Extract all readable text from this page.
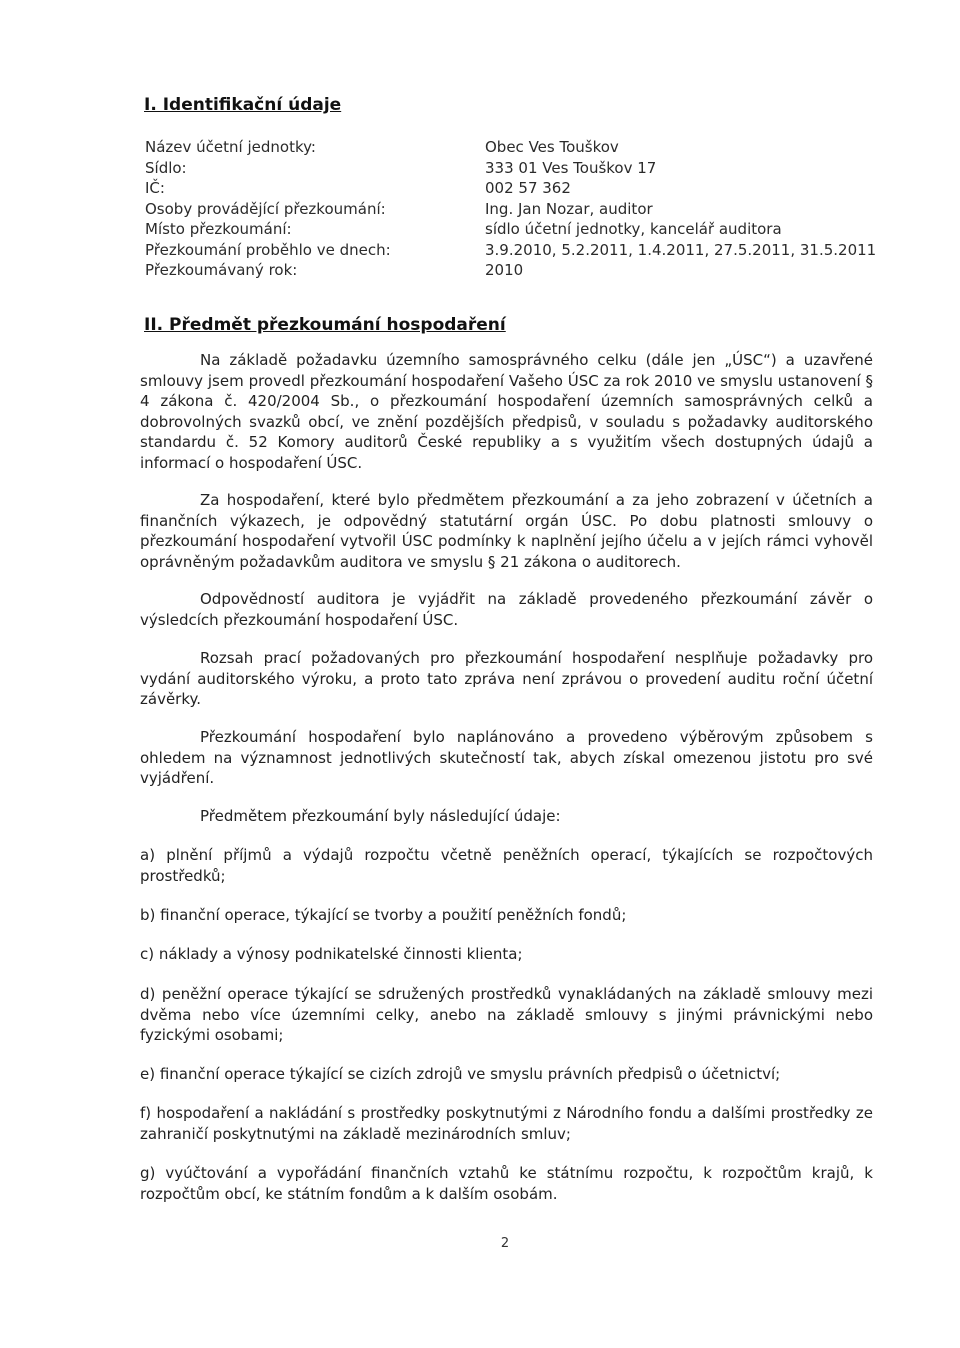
I. Identifikační údaje
Název účetní jednotky:	Obec Ves Touškov
Sídlo:	333 01 Ves Touškov 17
IČ:	002 57 362
Osoby provádějící přezkoumání:	Ing. Jan Nozar, auditor
Místo přezkoumání:	sídlo účetní jednotky, kancelář auditora
Přezkoumání proběhlo ve dnech:	3.9.2010, 5.2.2011, 1.4.2011, 27.5.2011, 31.5.2011
Přezkoumávaný rok:	2010
II. Předmět přezkoumání hospodaření

Na základě požadavku územního samosprávného celku (dále jen „ÚSC“) a uzavřené smlouvy jsem provedl přezkoumání hospodaření Vašeho ÚSC za rok 2010 ve smyslu ustanovení § 4 zákona č. 420/2004 Sb., o přezkoumání hospodaření územních samosprávných celků a dobrovolných svazků obcí, ve znění pozdějších předpisů, v souladu s požadavky auditorského standardu č. 52 Komory auditorů České republiky a s využitím všech dostupných údajů a informací o hospodaření ÚSC.

Za hospodaření, které bylo předmětem přezkoumání a za jeho zobrazení v účetních a finančních výkazech, je odpovědný statutární orgán ÚSC. Po dobu platnosti smlouvy o přezkoumání hospodaření vytvořil ÚSC podmínky k naplnění jejího účelu a v jejích rámci vyhověl oprávněným požadavkům auditora ve smyslu § 21 zákona o auditorech.

Odpovědností auditora je vyjádřit na základě provedeného přezkoumání závěr o výsledcích přezkoumání hospodaření ÚSC.

Rozsah prací požadovaných pro přezkoumání hospodaření nesplňuje požadavky pro vydání auditorského výroku, a proto tato zpráva není zprávou o provedení auditu roční účetní závěrky.

Přezkoumání hospodaření bylo naplánováno a provedeno výběrovým způsobem s ohledem na významnost jednotlivých skutečností tak, abych získal omezenou jistotu pro své vyjádření.

Předmětem přezkoumání byly následující údaje:

a) plnění příjmů a výdajů rozpočtu včetně peněžních operací, týkajících se rozpočtových prostředků;

b) finanční operace, týkající se tvorby a použití peněžních fondů;

c) náklady a výnosy podnikatelské činnosti klienta;

d) peněžní operace týkající se sdružených prostředků vynakládaných na základě smlouvy mezi dvěma nebo více územními celky, anebo na základě smlouvy s jinými právnickými nebo fyzickými osobami;

e) finanční operace týkající se cizích zdrojů ve smyslu právních předpisů o účetnictví;

f) hospodaření a nakládání s prostředky poskytnutými z Národního fondu a dalšími prostředky ze zahraničí poskytnutými na základě mezinárodních smluv;

g) vyúčtování a vypořádání finančních vztahů ke státnímu rozpočtu, k rozpočtům krajů, k rozpočtům obcí, ke státním fondům a k dalším osobám.

2
